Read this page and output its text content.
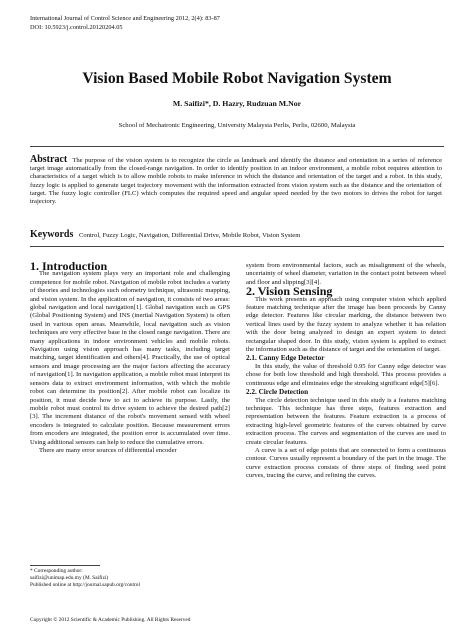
International Journal of Control Science and Engineering 2012, 2(4): 83-87
DOI: 10.5923/j.control.20120204.05
Vision Based Mobile Robot Navigation System
M. Saifizi*, D. Hazry, Rudzuan M.Nor
School of Mechatronic Engineering, University Malaysia Perlis, Perlis, 02600, Malaysia
Abstract The purpose of the vision system is to recognize the circle as landmark and identify the distance and orientation in a series of reference target image automatically from the closed-range navigation. In order to identify position in an indoor environment, a mobile robot requires attention to characteristics of a target which is to allow mobile robots to make inference in which the distance and orientation of the target and a robot. In this study, fuzzy logic is applied to generate target trajectory movement with the information extracted from vision system such as the distance and the orientation of target. The fuzzy logic controller (FLC) which computes the required speed and angular speed needed by the two motors to drives the robot for target trajectory.
Keywords Control, Fuzzy Logic, Navigation, Differential Drive, Mobile Robot, Vision System

1. Introduction

The navigation system plays very an important role and challenging competence for mobile robot. Navigation of mobile robot includes a variety of theories and technologies such odometry technique, ultrasonic mapping, and vision system. In the application of navigation, it consists of two areas: global navigation and local navigation[1]. Global navigation such as GPS (Global Positioning System) and INS (inertial Navigation System) is often used in various open areas. Meanwhile, local navigation such as vision techniques are very effective base in the closed range navigation. There are many applications in indoor environment vehicles and mobile robots. Navigation using vision approach has many tasks, including target matching, target identification and others[4]. Practically, the use of optical sensors and image processing are the major factors affecting the accuracy of navigation[1]. In navigation application, a mobile robot must interpret its sensors data to extract environment information, with which the mobile robot can determine its position[2]. After mobile robot can localize its position, it must decide how to act to achieve its purpose. Lastly, the mobile robot must control its drive system to achieve the desired path[2][3]. The increment distance of the robot's movement sensed with wheel encoders is integrated to calculate position. Because measurement errors from encoders are integrated, the position error is accumulated over time. Using additional sensors can help to reduce the cumulative errors.

There are many error sources of differential encoder

system from environmental factors, such as misalignment of the wheels, uncertainty of wheel diameter, variation in the contact point between wheel and floor and slipping[3][4].

2. Vision Sensing

This work presents an approach using computer vision which applied feature matching technique after the image has been proceeds by Canny edge detector. Features like circular marking, the distance between two vertical lines used by the fuzzy system to analyze whether it has relation with the door being analyzed to design an expert system to detect rectangular shaped door. In this study, vision system is applied to extract the information such as the distance of target and the orientation of target.

2.1. Canny Edge Detector

In this study, the value of threshold 0.95 for Canny edge detector was chose for both low threshold and high threshold. This process provides a continuous edge and eliminates edge the streaking significant edge[5][6].

2.2. Circle Detection

The circle detection technique used in this study is a features matching technique. This technique has three steps, features extraction and representation between the features. Feature extraction is a process of extracting high-level geometric features of the curves obtained by curve extraction process. The curves and segmentation of the curves are used to create circular features.

A curve is a set of edge points that are connected to form a continuous contour. Curves usually represent a boundary of the part in the image. The curve extraction process consists of three steps of finding seed point curves, tracing the curve, and refining the curves.

* Corresponding author:
saifizi@unimap.edu.my (M. Saifizi)
Published online at http://journal.sapub.org/control
Copyright © 2012 Scientific & Academic Publishing. All Rights Reserved
